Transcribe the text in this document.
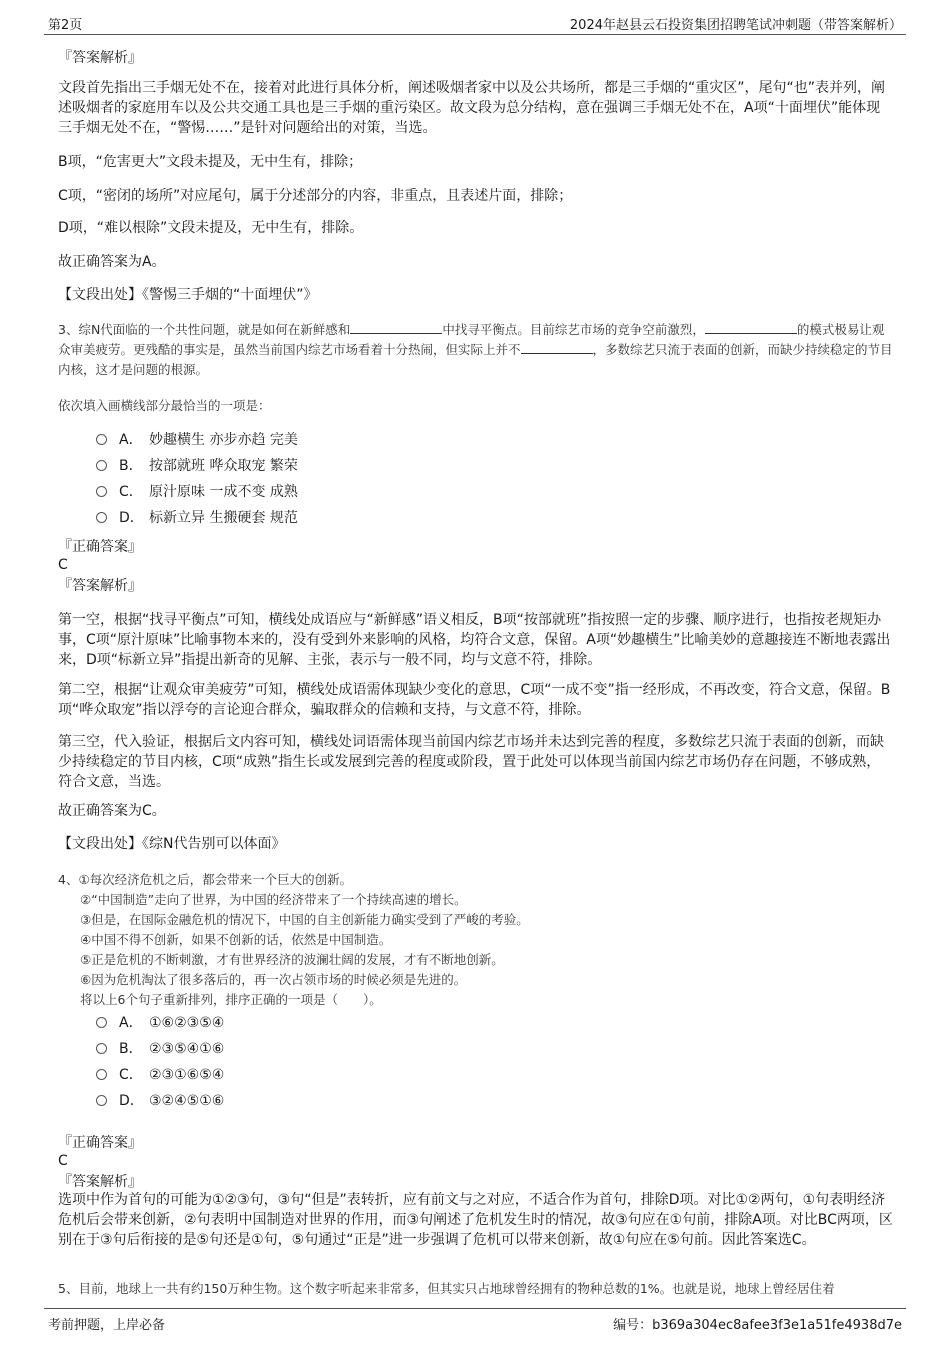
第2页	2024年赵县云石投资集团招聘笔试冲刺题（带答案解析）
『答案解析』
文段首先指出三手烟无处不在，接着对此进行具体分析，阐述吸烟者家中以及公共场所，都是三手烟的“重灾区”，尾句“也”表并列，阐述吸烟者的家庭用车以及公共交通工具也是三手烟的重污染区。故文段为总分结构，意在强调三手烟无处不在，A项“十面埋伏”能体现三手烟无处不在，“警惕……”是针对问题给出的对策，当选。
B项，“危害更大”文段未提及，无中生有，排除；
C项，“密闭的场所”对应尾句，属于分述部分的内容，非重点，且表述片面，排除；
D项，“难以根除”文段未提及，无中生有，排除。
故正确答案为A。
【文段出处】《警惕三手烟的“十面埋伏”》
3、综N代面临的一个共性问题，就是如何在新鲜感和	中找寻平衡点。目前综艺市场的竞争空前激烈，	的模式极易让观众审美疲劳。更残酷的事实是，虽然当前国内综艺市场看着十分热闹，但实际上并不	，多数综艺只流于表面的创新，而缺少持续稳定的节目内核，这才是问题的根源。
依次填入画横线部分最恰当的一项是：
A． 妙趣横生 亦步亦趋 完美
B． 按部就班 哗众取宠 繁荣
C． 原汁原味 一成不变 成熟
D． 标新立异 生搬硬套 规范
『正确答案』
C
『答案解析』
第一空，根据“找寻平衡点”可知，横线处成语应与“新鲜感”语义相反，B项“按部就班”指按照一定的步骤、顺序进行，也指按老规矩办事，C项“原汁原味”比喻事物本来的，没有受到外来影响的风格，均符合文意，保留。A项“妙趣横生”比喻美妙的意趣接连不断地表露出来，D项“标新立异”指提出新奇的见解、主张，表示与一般不同，均与文意不符，排除。
第二空，根据“让观众审美疲劳”可知，横线处成语需体现缺少变化的意思，C项“一成不变”指一经形成，不再改变，符合文意，保留。B项“哗众取宠”指以浮夸的言论迎合群众，骗取群众的信赖和支持，与文意不符，排除。
第三空，代入验证，根据后文内容可知，横线处词语需体现当前国内综艺市场并未达到完善的程度，多数综艺只流于表面的创新，而缺少持续稳定的节目内核，C项“成熟”指生长或发展到完善的程度或阶段，置于此处可以体现当前国内综艺市场仍存在问题，不够成熟，符合文意，当选。
故正确答案为C。
【文段出处】《综N代告别可以体面》
4、①每次经济危机之后，都会带来一个巨大的创新。
②“中国制造”走向了世界，为中国的经济带来了一个持续高速的增长。
③但是，在国际金融危机的情况下，中国的自主创新能力确实受到了严峻的考验。
④中国不得不创新，如果不创新的话，依然是中国制造。
⑤正是危机的不断刺激，才有世界经济的波澜壮阔的发展，才有不断地创新。
⑥因为危机淘汰了很多落后的，再一次占领市场的时候必须是先进的。
将以上6个句子重新排列，排序正确的一项是（　　）。
A． ①⑥②③⑤④
B． ②③⑤④①⑥
C． ②③①⑥⑤④
D． ③②④⑤①⑥
『正确答案』
C
『答案解析』
选项中作为首句的可能为①②③句，③句“但是”表转折，应有前文与之对应，不适合作为首句，排除D项。对比①②两句，①句表明经济危机后会带来创新，②句表明中国制造对世界的作用，而③句阐述了危机发生时的情况，故③句应在①句前，排除A项。对比BC两项，区别在于③句后衔接的是⑤句还是①句，⑤句通过“正是”进一步强调了危机可以带来创新，故①句应在⑤句前。因此答案选C。
5、目前，地球上一共有约150万种生物。这个数字听起来非常多，但其实只占地球曾经拥有的物种总数的1%。也就是说，地球上曾经居住着
考前押题，上岸必备	编号：b369a304ec8afee3f3e1a51fe4938d7e
